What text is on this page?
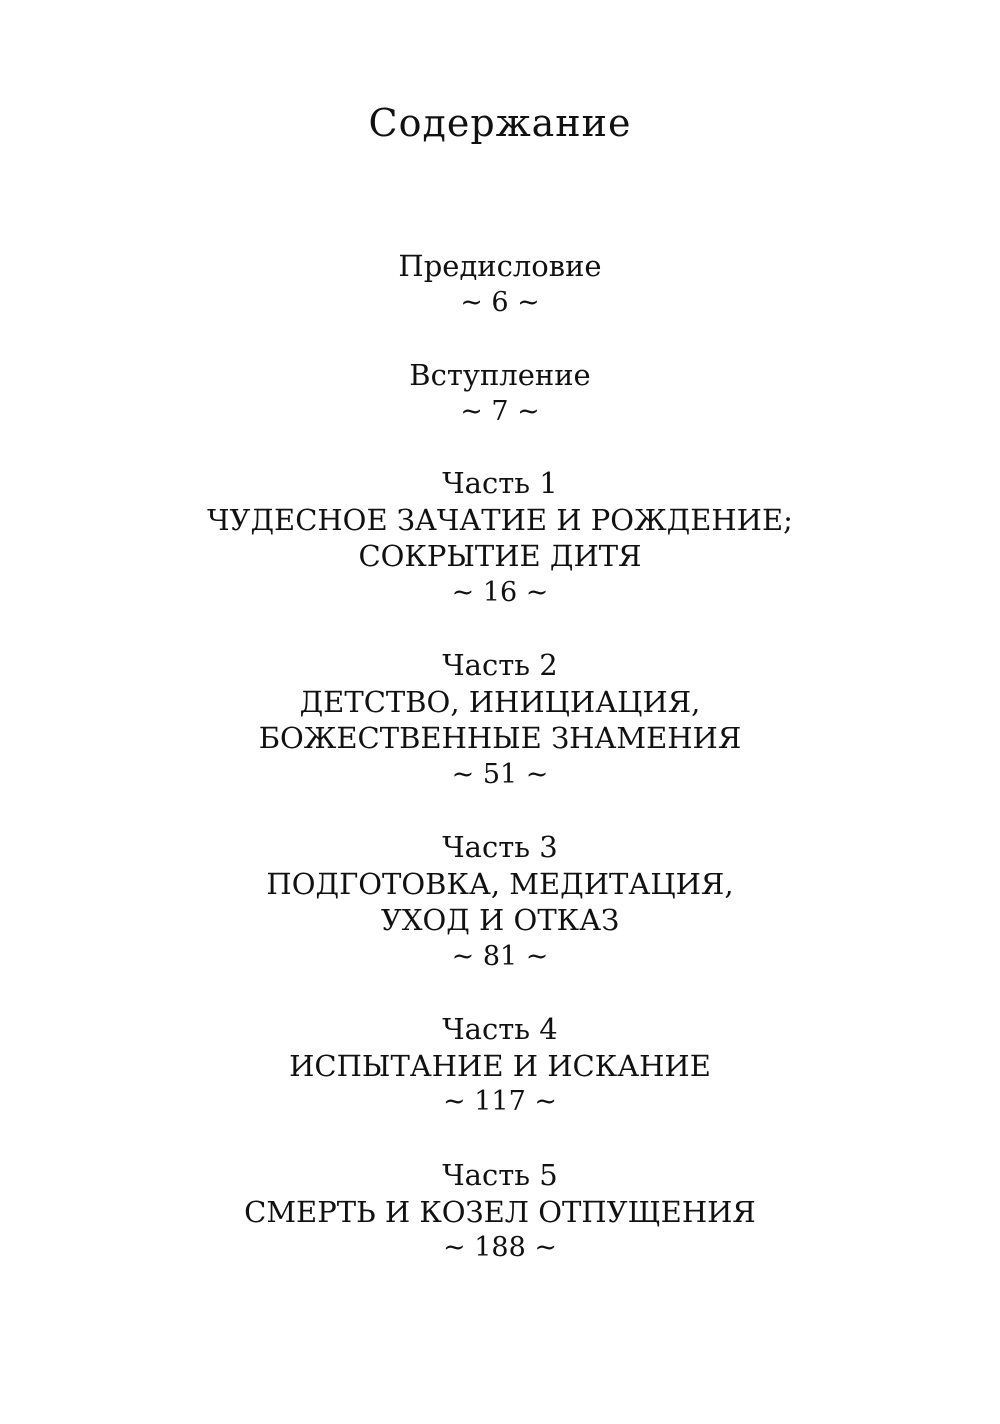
Содержание
Предисловие
~ 6 ~
Вступление
~ 7 ~
Часть 1
ЧУДЕСНОЕ ЗАЧАТИЕ И РОЖДЕНИЕ;
СОКРЫТИЕ ДИТЯ
~ 16 ~
Часть 2
ДЕТСТВО, ИНИЦИАЦИЯ,
БОЖЕСТВЕННЫЕ ЗНАМЕНИЯ
~ 51 ~
Часть 3
ПОДГОТОВКА, МЕДИТАЦИЯ,
УХОД И ОТКАЗ
~ 81 ~
Часть 4
ИСПЫТАНИЕ И ИСКАНИЕ
~ 117 ~
Часть 5
СМЕРТЬ И КОЗЕЛ ОТПУЩЕНИЯ
~ 188 ~
